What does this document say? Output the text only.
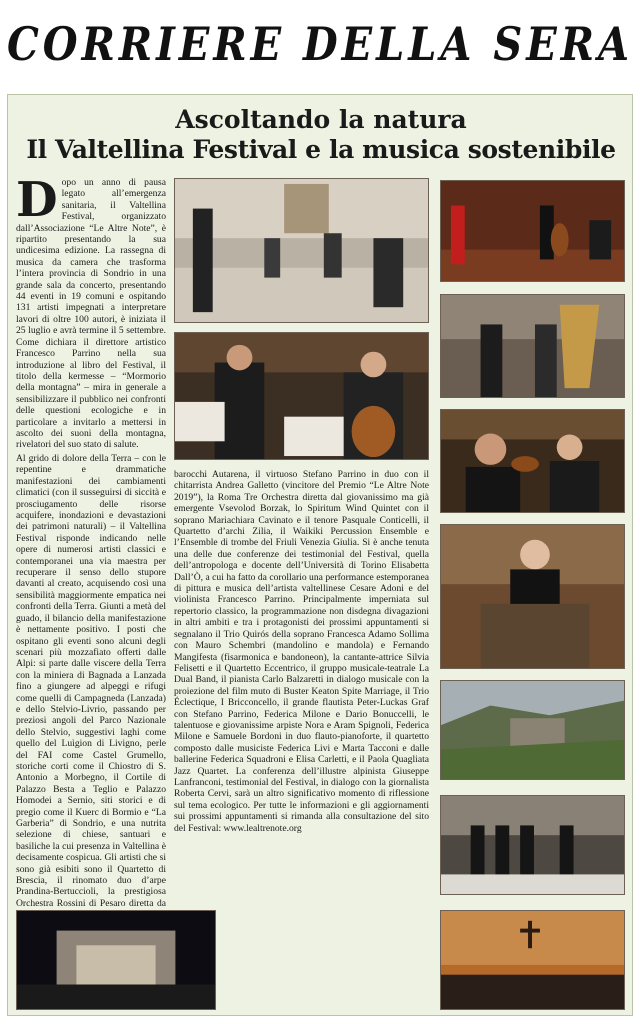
CORRIERE DELLA SERA
Ascoltando la natura
Il Valtellina Festival e la musica sostenibile
D opo un anno di pausa legato all’emergenza sanitaria, il Valtellina Festival, organizzato dall’Associazione “Le Altre Note”, è ripartito presentando la sua undicesima edizione. La rassegna di musica da camera che trasforma l’intera provincia di Sondrio in una grande sala da concerto, presentando 44 eventi in 19 comuni e ospitando 131 artisti impegnati a interpretare lavori di oltre 100 autori, è iniziata il 25 luglio e avrà termine il 5 settembre. Come dichiara il direttore artistico Francesco Parrino nella sua introduzione al libro del Festival, il titolo della kermesse – “Mormorio della montagna” – mira in generale a sensibilizzare il pubblico nei confronti delle questioni ecologiche e in particolare a invitarlo a mettersi in ascolto dei suoni della montagna, rivelatori del suo stato di salute.

Al grido di dolore della Terra – con le repentine e drammatiche manifestazioni dei cambiamenti climatici (con il susseguirsi di siccità e prosciugamento delle risorse acquifere, inondazioni e devastazioni dei patrimoni naturali) – il Valtellina Festival risponde indicando nelle opere di numerosi artisti classici e contemporanei una via maestra per recuperare il senso dello stupore davanti al creato, acquisendo così una sensibilità maggiormente empatica nei confronti della Terra. Giunti a metà del guado, il bilancio della manifestazione è nettamente positivo. I posti che ospitano gli eventi sono alcuni degli scenari più mozzafiato offerti dalle Alpi: si parte dalle viscere della Terra con la miniera di Bagnada a Lanzada fino a giungere ad alpeggi e rifugi come quelli di Campagneda (Lanzada) e dello Stelvio-Livrio, passando per preziosi angoli del Parco Nazionale dello Stelvio, suggestivi laghi come quello del Luìgion di Livigno, perle del FAI come Castel Grumello, storiche corti come il Chiostro di S. Antonio a Morbegno, il Cortile di Palazzo Besta a Teglio e Palazzo Homodei a Sernio, siti storici e di pregio come il Kuerc di Bormio e “La Garberia” di Sondrio, e una nutrita selezione di chiese, santuari e basiliche la cui presenza in Valtellina è decisamente cospicua. Gli artisti che si sono già esibiti sono il Quartetto di Brescia, il rinomato duo d’arpe Prandina-Bertuccioli, la prestigiosa Orchestra Rossini di Pesaro diretta da

barocchi Autarena, il virtuoso Stefano Parrino in duo con il chitarrista Andrea Galletto (vincitore del Premio “Le Altre Note 2019”), la Roma Tre Orchestra diretta dal giovanissimo ma già emergente Vsevolod Borzak, lo Spiritum Wind Quintet con il soprano Mariachiara Cavinato e il tenore Pasquale Conticelli, il Quartetto d’archi Zilia, il Waikiki Percussion Ensemble e l’Ensemble di trombe del Friuli Venezia Giulia. Si è anche tenuta una delle due conferenze dei testimonial del Festival, quella dell’antropologa e docente dell’Università di Torino Elisabetta Dall’Ò, a cui ha fatto da corollario una performance estemporanea di pittura e musica dell’artista valtellinese Cesare Adoni e del violinista Francesco Parrino. Principalmente imperniata sul repertorio classico, la programmazione non disdegna divagazioni in altri ambiti e tra i protagonisti dei prossimi appuntamenti si segnalano il Trio Quirós della soprano Francesca Adamo Sollima con Mauro Schembri (mandolino e mandola) e Fernando Mangifesta (fisarmonica e bandoneon), la cantante-attrice Silvia Felisetti e il Quartetto Eccentrico, il gruppo musicale-teatrale La Dual Band, il pianista Carlo Balzaretti in dialogo musicale con la proiezione del film muto di Buster Keaton Spite Marriage, il Trio Éclectique, I Bricconcello, il grande flautista Peter-Luckas Graf con Stefano Parrino, Federica Milone e Dario Bonuccelli, le talentuose e giovanissime arpiste Nora e Aram Spignoli, Federica Milone e Samuele Bordoni in duo flauto-pianoforte, il quartetto composto dalle musiciste Federica Livi e Marta Tacconi e dalle ballerine Federica Squadroni e Elisa Carletti, e il Paola Quagliata Jazz Quartet. La conferenza dell’illustre alpinista Giuseppe Lanfranconi, testimonial del Festival, in dialogo con la giornalista Roberta Cervi, sarà un altro significativo momento di riflessione sul tema ecologico. Per tutte le informazioni e gli aggiornamenti sui prossimi appuntamenti si rimanda alla consultazione del sito del Festival: www.lealtrenote.org
